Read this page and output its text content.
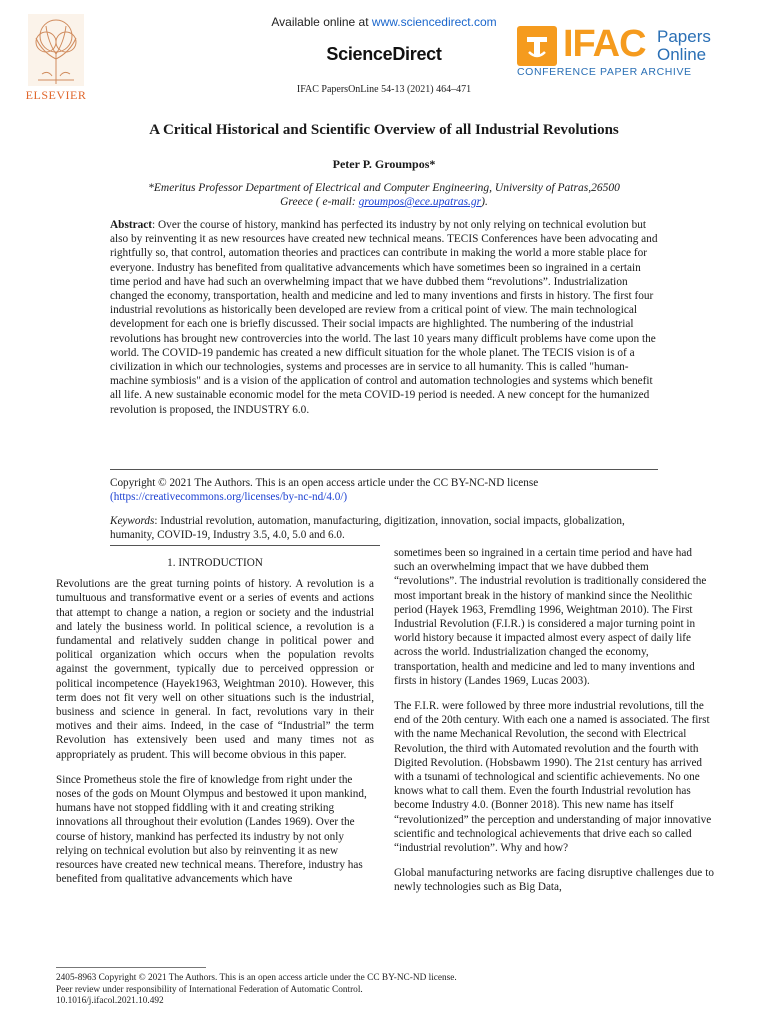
ELSEVIER
Available online at www.sciencedirect.com
ScienceDirect
IFAC PapersOnLine 54-13 (2021) 464–471
IFAC Papers
Online
CONFERENCE PAPER ARCHIVE
A Critical Historical and Scientific Overview of all Industrial Revolutions
Peter P. Groumpos*
*Emeritus Professor Department of Electrical and Computer Engineering, University of Patras,26500
Greece ( e-mail: groumpos@ece.upatras.gr).
Abstract: Over the course of history, mankind has perfected its industry by not only relying on technical evolution but also by reinventing it as new resources have created new technical means. TECIS Conferences have been advocating and rightfully so, that control, automation theories and practices can contribute in making the world a more stable place for everyone. Industry has benefited from qualitative advancements which have sometimes been so ingrained in a certain time period and have had such an overwhelming impact that we have dubbed them “revolutions”. Industrialization changed the economy, transportation, health and medicine and led to many inventions and firsts in history. The first four industrial revolutions as historically been developed are review from a critical point of view. The main technological development for each one is briefly discussed. Their social impacts are highlighted. The numbering of the industrial revolutions has brought new controvercies into the world. The last 10 years many difficult problems have come upon the world. The COVID-19 pandemic has created a new difficult situation for the whole planet. The TECIS vision is of a civilization in which our technologies, systems and processes are in service to all humanity. This is called "human-machine symbiosis" and is a vision of the application of control and automation technologies and systems which benefit all life. A new sustainable economic model for the meta COVID-19 period is needed. A new concept for the humanized revolution is proposed, the INDUSTRY 6.0.
Copyright © 2021 The Authors. This is an open access article under the CC BY-NC-ND license
(https://creativecommons.org/licenses/by-nc-nd/4.0/)
Keywords: Industrial revolution, automation, manufacturing, digitization, innovation, social impacts, globalization, humanity, COVID-19, Industry 3.5, 4.0, 5.0 and 6.0.

1. INTRODUCTION

Revolutions are the great turning points of history. A revolution is a tumultuous and transformative event or a series of events and actions that attempt to change a nation, a region or society and the industrial and lately the business world. In political science, a revolution is a fundamental and relatively sudden change in political power and political organization which occurs when the population revolts against the government, typically due to perceived oppression or political incompetence (Hayek1963, Weightman 2010). However, this term does not fit very well on other situations such is the industrial, business and science in general. In fact, revolutions vary in their motives and their aims. Indeed, in the case of “Industrial” the term Revolution has extensively been used and many times not as appropriately as prudent. This will become obvious in this paper.

Since Prometheus stole the fire of knowledge from right under the noses of the gods on Mount Olympus and bestowed it upon mankind, humans have not stopped fiddling with it and creating striking innovations all throughout their evolution (Landes 1969). Over the course of history, mankind has perfected its industry by not only relying on technical evolution but also by reinventing it as new resources have created new technical means. Therefore, industry has benefited from qualitative advancements which have

sometimes been so ingrained in a certain time period and have had such an overwhelming impact that we have dubbed them “revolutions”. The industrial revolution is traditionally considered the most important break in the history of mankind since the Neolithic period (Hayek 1963, Fremdling 1996, Weightman 2010). The First Industrial Revolution (F.I.R.) is considered a major turning point in world history because it impacted almost every aspect of daily life across the world. Industrialization changed the economy, transportation, health and medicine and led to many inventions and firsts in history (Landes 1969, Lucas 2003).

The F.I.R. were followed by three more industrial revolutions, till the end of the 20th century. With each one a named is associated. The first with the name Mechanical Revolution, the second with Electrical Revolution, the third with Automated revolution and the fourth with Digited Revolution. (Hobsbawm 1990). The 21st century has arrived with a tsunami of technological and scientific achievements. No one knows what to call them. Even the fourth Industrial revolution has become Industry 4.0. (Bonner 2018). This new name has itself “revolutionized” the perception and understanding of major innovative scientific and technological achievements that drive each so called “industrial revolution”. Why and how?

Global manufacturing networks are facing disruptive challenges due to newly technologies such as Big Data,

2405-8963 Copyright © 2021 The Authors. This is an open access article under the CC BY-NC-ND license.
Peer review under responsibility of International Federation of Automatic Control.
10.1016/j.ifacol.2021.10.492
